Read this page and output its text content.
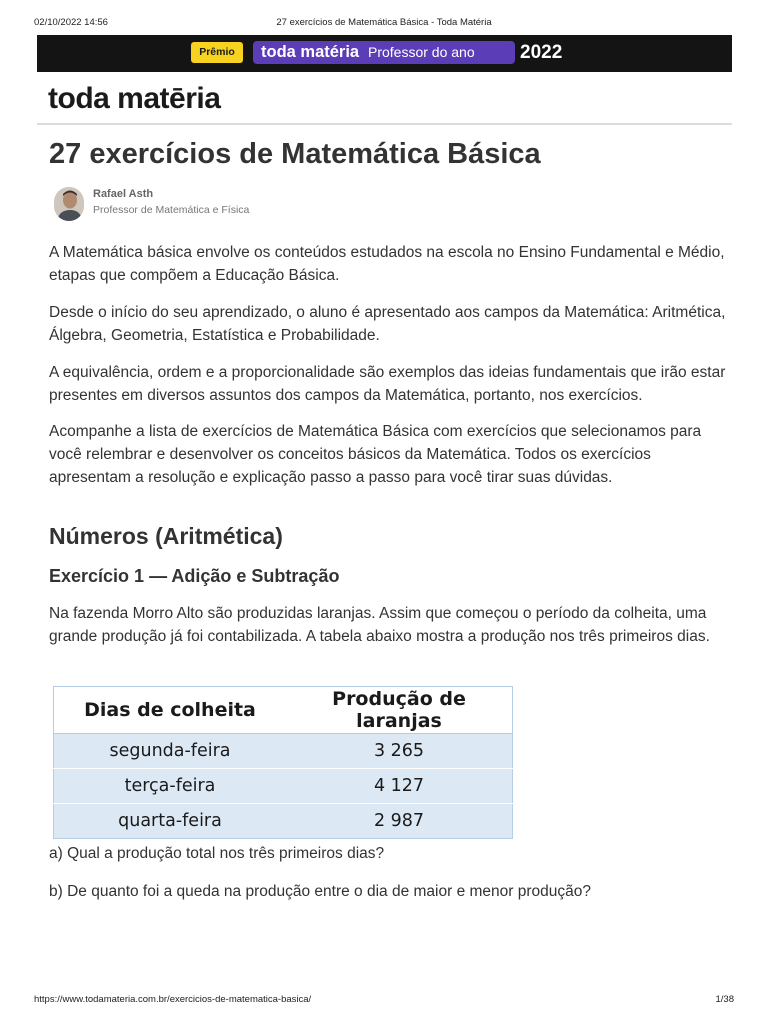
02/10/2022 14:56	27 exercícios de Matemática Básica - Toda Matéria
Prêmio	toda matéria Professor do ano 2022
toda matēria
27 exercícios de Matemática Básica
Rafael Asth
Professor de Matemática e Física

A Matemática básica envolve os conteúdos estudados na escola no Ensino Fundamental e Médio, etapas que compõem a Educação Básica.

Desde o início do seu aprendizado, o aluno é apresentado aos campos da Matemática: Aritmética, Álgebra, Geometria, Estatística e Probabilidade.

A equivalência, ordem e a proporcionalidade são exemplos das ideias fundamentais que irão estar presentes em diversos assuntos dos campos da Matemática, portanto, nos exercícios.

Acompanhe a lista de exercícios de Matemática Básica com exercícios que selecionamos para você relembrar e desenvolver os conceitos básicos da Matemática. Todos os exercícios apresentam a resolução e explicação passo a passo para você tirar suas dúvidas.

Números (Aritmética)
Exercício 1 — Adição e Subtração

Na fazenda Morro Alto são produzidas laranjas. Assim que começou o período da colheita, uma grande produção já foi contabilizada. A tabela abaixo mostra a produção nos três primeiros dias.

Dias de colheita	Produção de laranjas
segunda-feira	3 265
terça-feira	4 127
quarta-feira	2 987

a) Qual a produção total nos três primeiros dias?

b) De quanto foi a queda na produção entre o dia de maior e menor produção?

https://www.todamateria.com.br/exercicios-de-matematica-basica/	1/38
